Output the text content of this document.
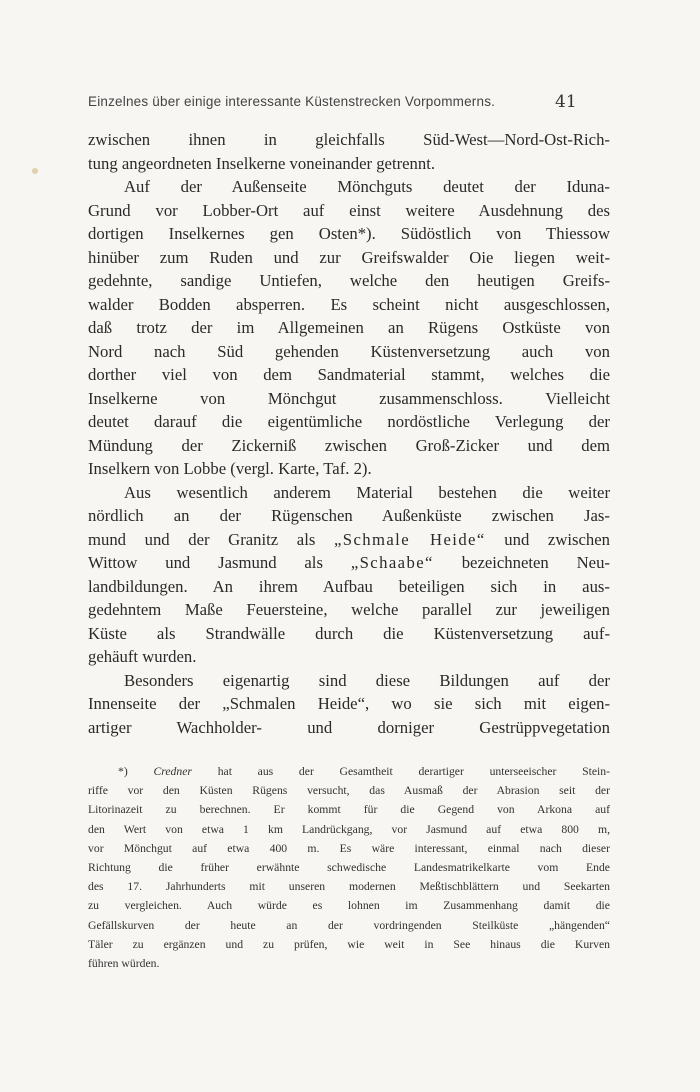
Einzelnes über einige interessante Küstenstrecken Vorpommerns.	41
zwischen ihnen in gleichfalls Süd-West—Nord-Ost-Rich-
tung angeordneten Inselkerne voneinander getrennt.
Auf der Außenseite Mönchguts deutet der Iduna-
Grund vor Lobber-Ort auf einst weitere Ausdehnung des
dortigen Inselkernes gen Osten*). Südöstlich von Thiessow
hinüber zum Ruden und zur Greifswalder Oie liegen weit-
gedehnte, sandige Untiefen, welche den heutigen Greifs-
walder Bodden absperren. Es scheint nicht ausgeschlossen,
daß trotz der im Allgemeinen an Rügens Ostküste von
Nord nach Süd gehenden Küstenversetzung auch von
dorther viel von dem Sandmaterial stammt, welches die
Inselkerne von Mönchgut zusammenschloss. Vielleicht
deutet darauf die eigentümliche nordöstliche Verlegung der
Mündung der Zickerniß zwischen Groß-Zicker und dem
Inselkern von Lobbe (vergl. Karte, Taf. 2).
Aus wesentlich anderem Material bestehen die weiter
nördlich an der Rügenschen Außenküste zwischen Jas-
mund und der Granitz als „Schmale Heide“ und zwischen
Wittow und Jasmund als „Schaabe“ bezeichneten Neu-
landbildungen. An ihrem Aufbau beteiligen sich in aus-
gedehntem Maße Feuersteine, welche parallel zur jeweiligen
Küste als Strandwälle durch die Küstenversetzung auf-
gehäuft wurden.
Besonders eigenartig sind diese Bildungen auf der
Innenseite der „Schmalen Heide“, wo sie sich mit eigen-
artiger Wachholder- und dorniger Gestrüppvegetation
*) Credner hat aus der Gesamtheit derartiger unterseeischer Stein-
riffe vor den Küsten Rügens versucht, das Ausmaß der Abrasion seit der
Litorinazeit zu berechnen. Er kommt für die Gegend von Arkona auf
den Wert von etwa 1 km Landrückgang, vor Jasmund auf etwa 800 m,
vor Mönchgut auf etwa 400 m. Es wäre interessant, einmal nach dieser
Richtung die früher erwähnte schwedische Landesmatrikelkarte vom Ende
des 17. Jahrhunderts mit unseren modernen Meßtischblättern und Seekarten
zu vergleichen. Auch würde es lohnen im Zusammenhang damit die
Gefällskurven der heute an der vordringenden Steilküste „hängenden“
Täler zu ergänzen und zu prüfen, wie weit in See hinaus die Kurven
führen würden.
